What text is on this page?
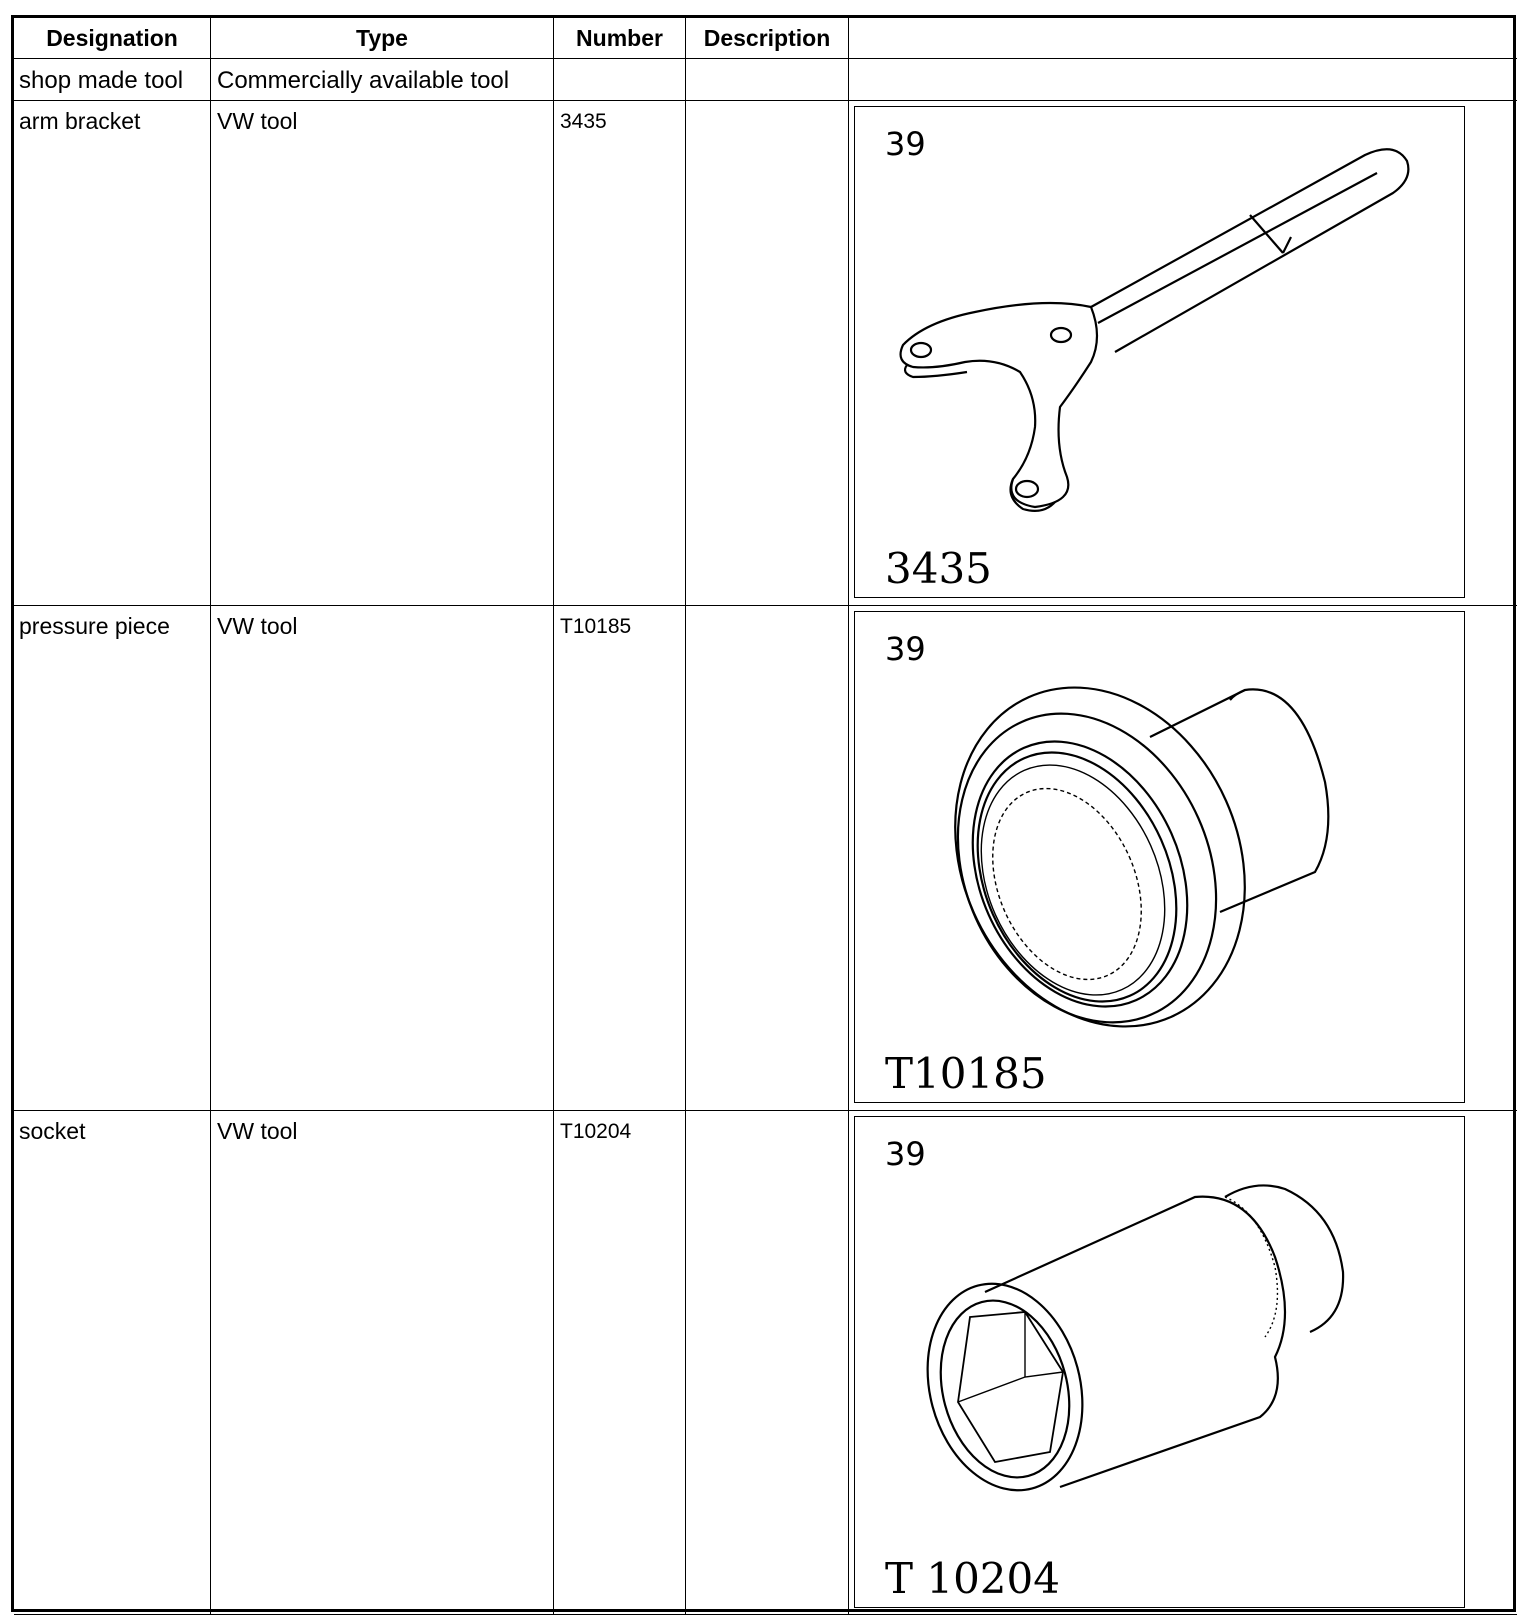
Designation	Type	Number	Description	
shop made tool	Commercially available tool			
arm bracket	VW tool	3435		39
3435

pressure piece	VW tool	T10185		39
T10185

socket	VW tool	T10204		39
T 10204
